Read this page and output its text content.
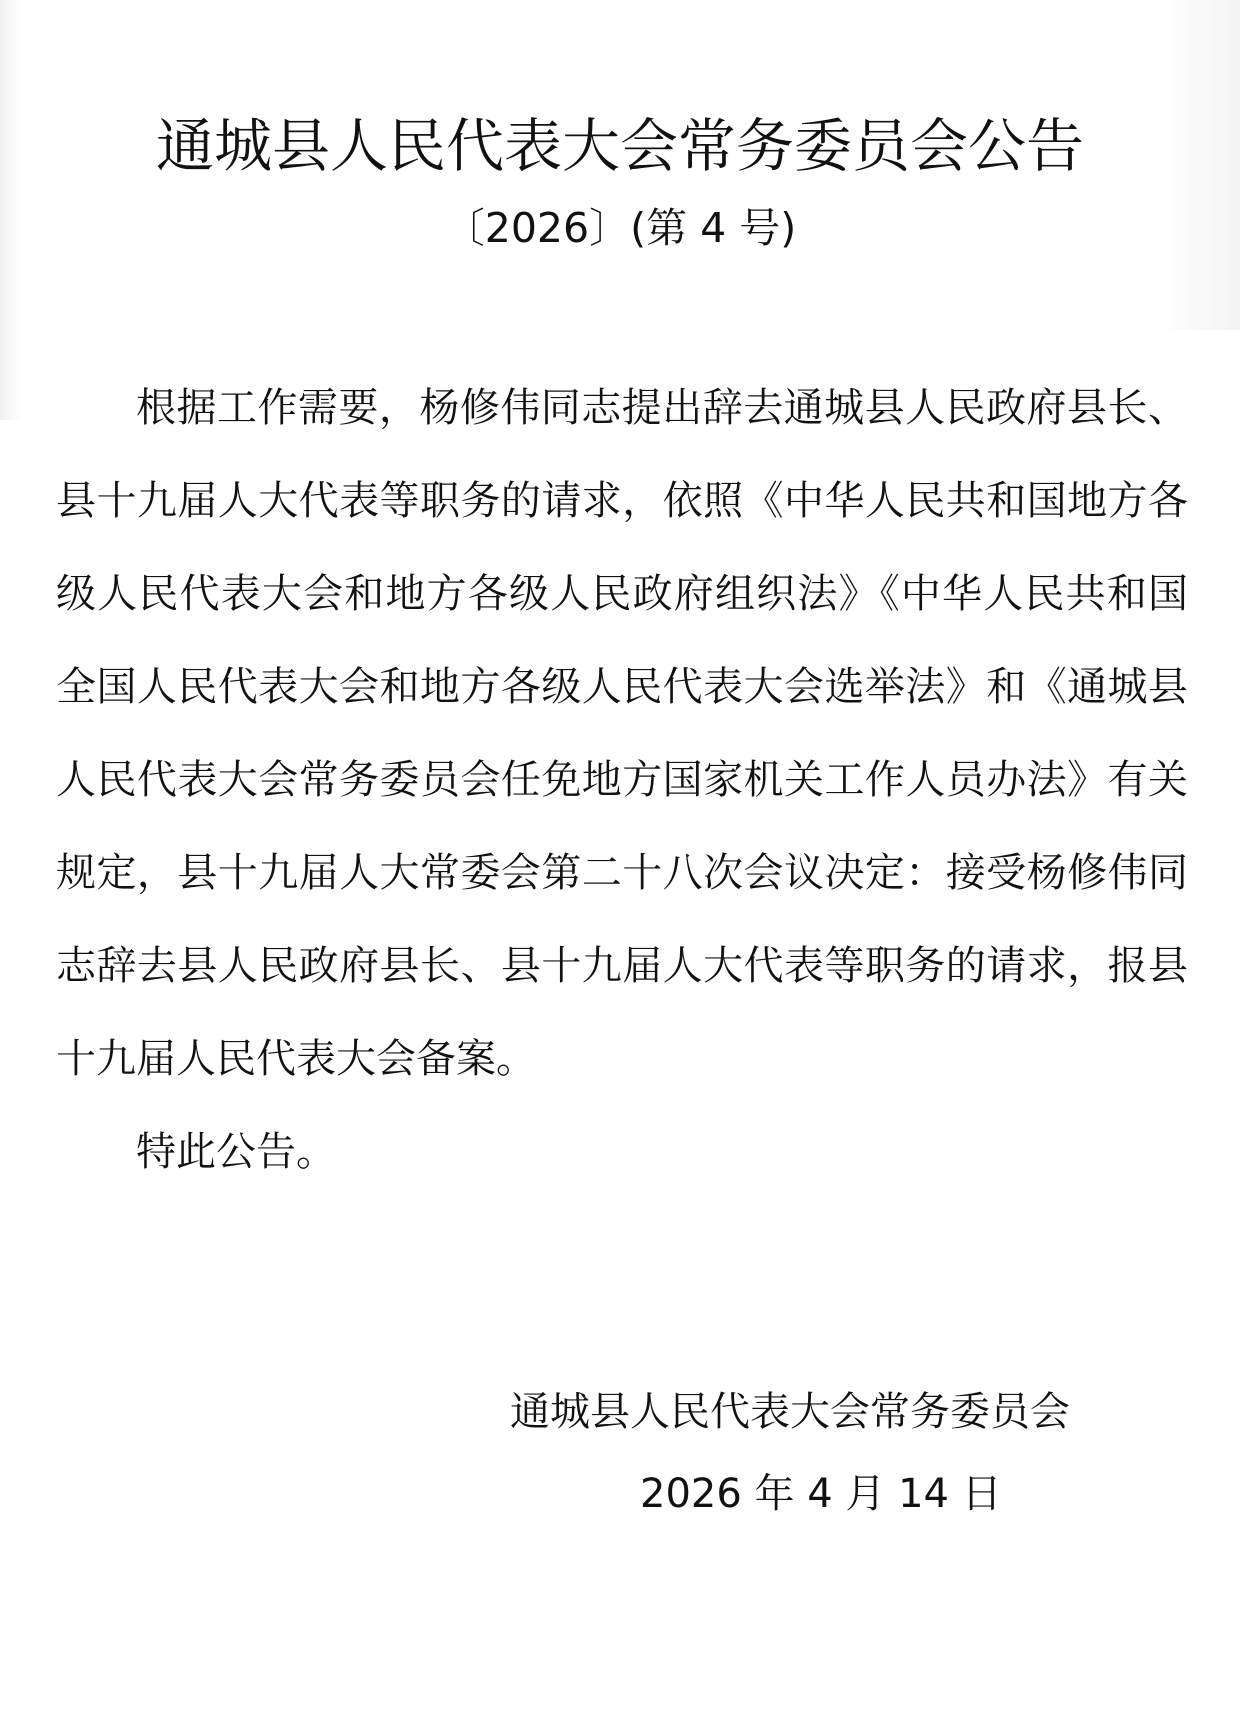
通城县人民代表大会常务委员会公告
〔2026〕(第 4 号)

根据工作需要，杨修伟同志提出辞去通城县人民政府县长、县十九届人大代表等职务的请求，依照《中华人民共和国地方各级人民代表大会和地方各级人民政府组织法》《中华人民共和国全国人民代表大会和地方各级人民代表大会选举法》和《通城县人民代表大会常务委员会任免地方国家机关工作人员办法》有关规定，县十九届人大常委会第二十八次会议决定：接受杨修伟同志辞去县人民政府县长、县十九届人大代表等职务的请求，报县十九届人民代表大会备案。

特此公告。

通城县人民代表大会常务委员会
2026 年 4 月 14 日
